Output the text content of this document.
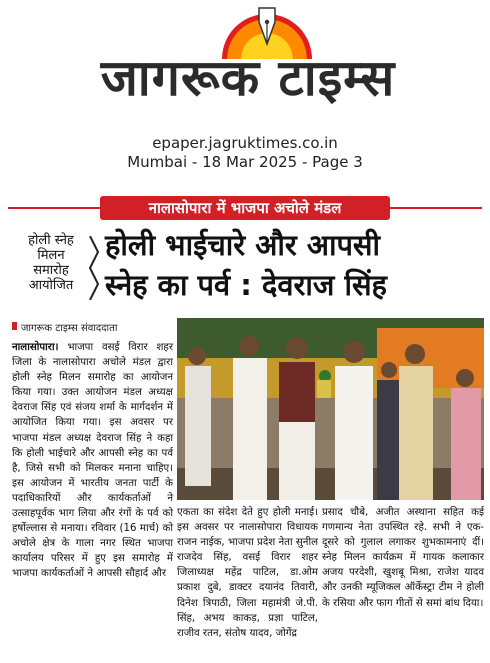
जागरूक टाइम्स
epaper.jagruktimes.co.in
Mumbai - 18 Mar 2025 - Page 3
नालासोपारा में भाजपा अचोले मंडल
होली स्नेह
मिलन
समारोह
आयोजित
होली भाईचारे और आपसी
स्नेह का पर्व : देवराज सिंह
जागरूक टाइम्स संवाददाता
नालासोपारा। भाजपा वसई विरार शहर जिला के नालासोपारा अचोले मंडल द्वारा होली स्नेह मिलन समारोह का आयोजन किया गया। उक्त आयोजन मंडल अध्यक्ष देवराज सिंह एवं संजय शर्मा के मार्गदर्शन में आयोजित किया गया। इस अवसर पर भाजपा मंडल अध्यक्ष देवराज सिंह ने कहा कि होली भाईचारे और आपसी स्नेह का पर्व है, जिसे सभी को मिलकर मनाना चाहिए। इस आयोजन में भारतीय जनता पार्टी के पदाधिकारियों और कार्यकर्ताओं ने उत्साहपूर्वक भाग लिया और रंगों के पर्व को हर्षोल्लास से मनाया। रविवार (16 मार्च) को अचोले क्षेत्र के गाला नगर स्थित भाजपा कार्यालय परिसर में हुए इस समारोह में भाजपा कार्यकर्ताओं ने आपसी सौहार्द और
एकता का संदेश देते हुए होली मनाई। इस अवसर पर नालासोपारा विधायक राजन नाईक, भाजपा प्रदेश नेता सुनील राजदेव सिंह, वसई विरार शहर जिलाध्यक्ष महेंद्र पाटिल, डा.ओम प्रकाश दुबे, डाक्टर दयानंद तिवारी, दिनेश त्रिपाठी, जिला महामंत्री जे.पी. सिंह, अभय काकड़, प्रज्ञा पाटिल, राजीव रतन, संतोष यादव, जोगेंद्र
प्रसाद चौबे, अजीत अस्थाना सहित कई गणमान्य नेता उपस्थित रहे. सभी ने एक-दूसरे को गुलाल लगाकर शुभकामनाएं दीं। स्नेह मिलन कार्यक्रम में गायक कलाकार अजय परदेशी, खुशबू मिश्रा, राजेश यादव और उनकी म्यूजिकल ऑर्केस्ट्रा टीम ने होली के रसिया और फाग गीतों से समां बांध दिया।
